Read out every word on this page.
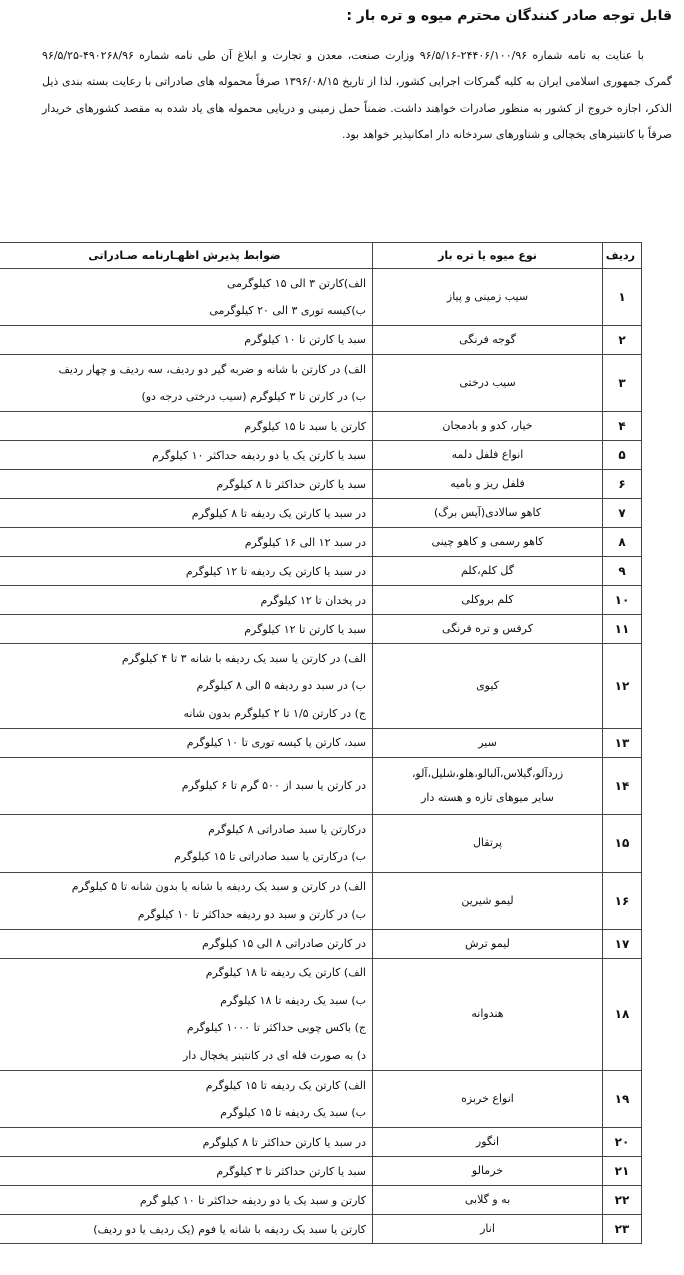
قابل توجه صادر کنندگان محترم میوه و تره بار :
با عنایت به نامه شماره ۲۴۴۰۶/۱۰۰/۹۶-۹۶/۵/۱۶ وزارت صنعت، معدن و تجارت و ابلاغ آن طی نامه شماره ۴۹۰۲۶۸/۹۶-۹۶/۵/۲۵ گمرک جمهوری اسلامی ایران به کلیه گمرکات اجرایی کشور، لذا از تاریخ ۱۳۹۶/۰۸/۱۵ صرفاً محموله های صادراتی با رعایت بسته بندی ذیل الذکر، اجازه خروج از کشور به منظور صادرات خواهند داشت. ضمناً حمل زمینی و دریایی محموله های یاد شده به مقصد کشورهای خریدار صرفاً با کانتینرهای یخچالی و شناورهای سردخانه دار امکانپذیر خواهد بود.
ردیف	نوع میوه یا تره بار	ضوابط پذیرش اظهـارنامه صـادراتی
۱	سیب زمینی و پیاز	الف)کارتن ۳ الی ۱۵ کیلوگرمی
ب)کیسه توری ۳ الی ۲۰ کیلوگرمی

۲	گوجه فرنگی	سبد یا کارتن تا ۱۰ کیلوگرم

۳	سیب درختی	الف) در کارتن با شانه و ضربه گیر دو ردیف، سه ردیف و چهار ردیف
ب) در کارتن تا ۳ کیلوگرم (سیب درختی درجه دو)

۴	خیار، کدو و بادمجان	کارتن یا سبد تا ۱۵ کیلوگرم

۵	انواع فلفل دلمه	سبد یا کارتن یک یا دو ردیفه حداکثر ۱۰ کیلوگرم

۶	فلفل ریز و بامیه	سبد یا کارتن حداکثر تا ۸ کیلوگرم

۷	کاهو سالادی(آیس برگ)	در سبد یا کارتن یک ردیفه تا ۸ کیلوگرم

۸	کاهو رسمی و کاهو چینی	در سبد ۱۲ الی ۱۶ کیلوگرم

۹	گل کلم،کلم	در سبد یا کارتن یک ردیفه تا ۱۲ کیلوگرم

۱۰	کلم بروکلی	در یخدان تا ۱۲ کیلوگرم

۱۱	کرفس و تره فرنگی	سبد یا کارتن تا ۱۲ کیلوگرم

۱۲	کیوی	الف) در کارتن یا سبد یک ردیفه با شانه ۳ تا ۴ کیلوگرم
ب) در سبد دو ردیفه ۵ الی ۸ کیلوگرم
ج) در کارتن ۱/۵ تا ۲ کیلوگرم بدون شانه

۱۳	سیر	سبد، کارتن یا کیسه توری تا ۱۰ کیلوگرم

۱۴	زردآلو،گیلاس،آلبالو،هلو،شلیل،آلو،
سایر میوهای تازه و هسته دار	در کارتن یا سبد از ۵۰۰ گرم تا ۶ کیلوگرم

۱۵	پرتقال	درکارتن یا سبد صادراتی ۸ کیلوگرم
ب) درکارتن یا سبد صادراتی تا ۱۵ کیلوگرم

۱۶	لیمو شیرین	الف) در کارتن و سبد یک ردیفه با شانه یا بدون شانه تا ۵ کیلوگرم
ب) در کارتن و سبد دو ردیفه حداکثر تا ۱۰ کیلوگرم

۱۷	لیمو ترش	در کارتن صادراتی ۸ الی ۱۵ کیلوگرم

۱۸	هندوانه	الف) کارتن یک ردیفه تا ۱۸ کیلوگرم
ب) سبد یک ردیفه تا ۱۸ کیلوگرم
ج) باکس چوبی حداکثر تا ۱۰۰۰ کیلوگرم
د) به صورت فله ای در کانتینر یخچال دار

۱۹	انواع خربزه	الف) کارتن یک ردیفه تا ۱۵ کیلوگرم
ب) سبد یک ردیفه تا ۱۵ کیلوگرم

۲۰	انگور	در سبد یا کارتن حداکثر تا ۸ کیلوگرم

۲۱	خرمالو	سبد یا کارتن حداکثر تا ۳ کیلوگرم

۲۲	به و گلابی	کارتن و سبد یک یا دو ردیفه حداکثر تا ۱۰ کیلو گرم

۲۳	انار	کارتن یا سبد یک ردیفه با شانه یا فوم (یک ردیف یا دو ردیف)
